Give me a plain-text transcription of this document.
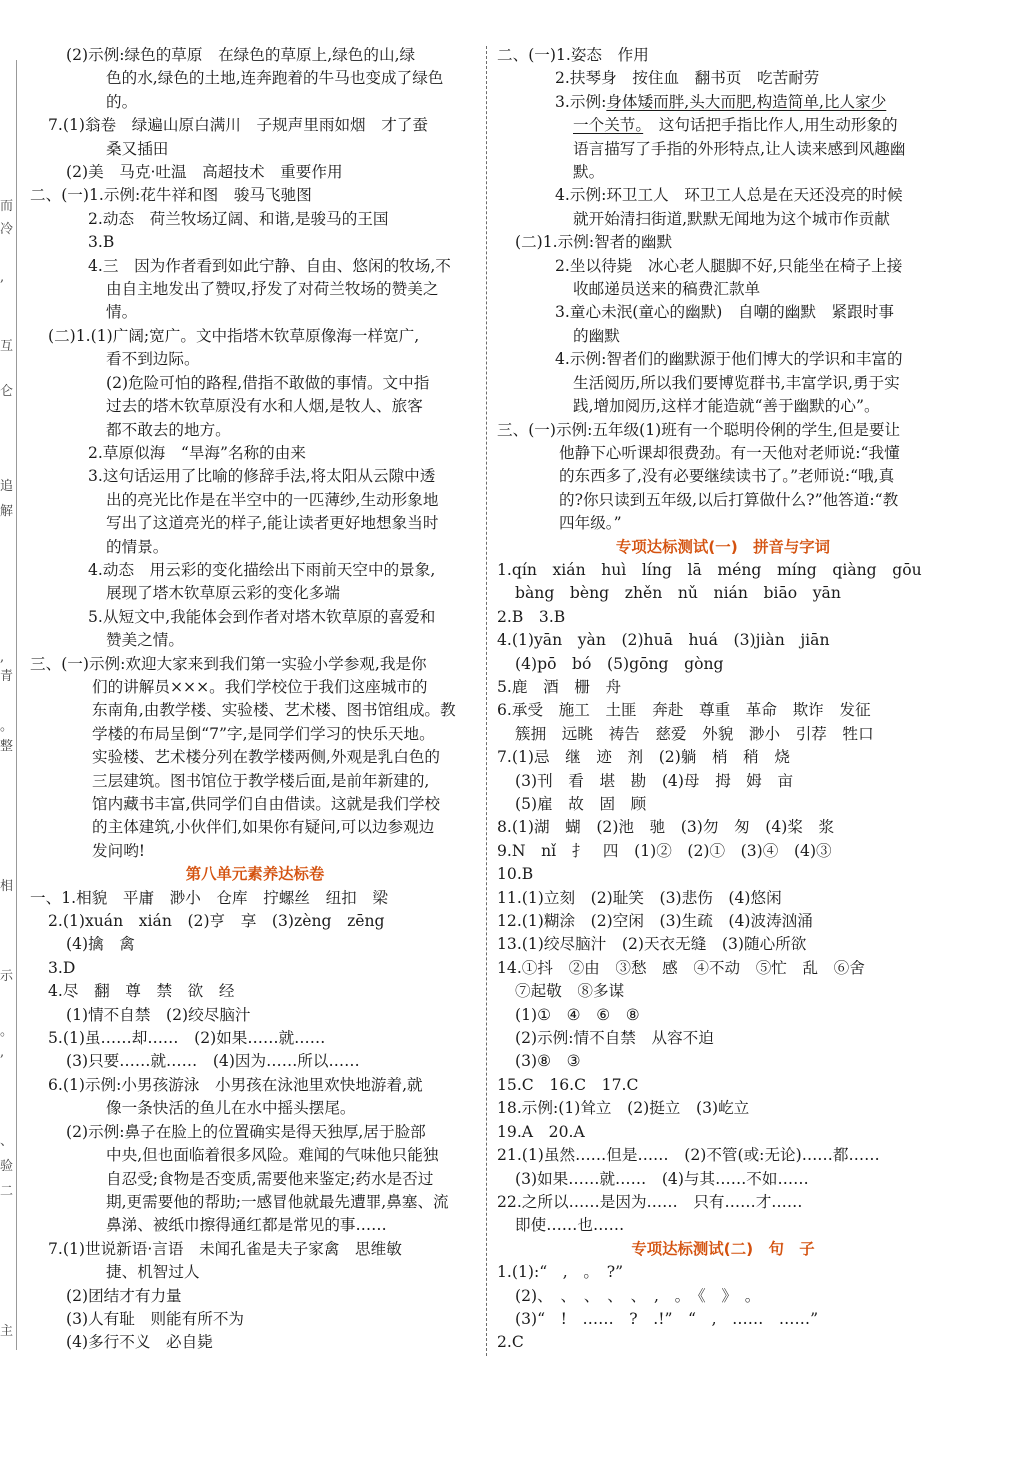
而
冷
,
互
仑
追
解
,
青
。
整
相
示
。
,
、
验
二
主
(2)示例:绿色的草原　在绿色的草原上,绿色的山,绿
色的水,绿色的土地,连奔跑着的牛马也变成了绿色
的。
7.(1)翁卷　绿遍山原白满川　子规声里雨如烟　才了蚕
桑又插田
(2)美　马克·吐温　高超技术　重要作用
二、(一)1.示例:花牛祥和图　骏马飞驰图
2.动态　荷兰牧场辽阔、和谐,是骏马的王国
3.B
4.三　因为作者看到如此宁静、自由、悠闲的牧场,不
由自主地发出了赞叹,抒发了对荷兰牧场的赞美之
情。
(二)1.(1)广阔;宽广。文中指塔木钦草原像海一样宽广,
看不到边际。
(2)危险可怕的路程,借指不敢做的事情。文中指
过去的塔木钦草原没有水和人烟,是牧人、旅客
都不敢去的地方。
2.草原似海　“旱海”名称的由来
3.这句话运用了比喻的修辞手法,将太阳从云隙中透
出的亮光比作是在半空中的一匹薄纱,生动形象地
写出了这道亮光的样子,能让读者更好地想象当时
的情景。
4.动态　用云彩的变化描绘出下雨前天空中的景象,
展现了塔木钦草原云彩的变化多端
5.从短文中,我能体会到作者对塔木钦草原的喜爱和
赞美之情。
三、(一)示例:欢迎大家来到我们第一实验小学参观,我是你
们的讲解员×××。我们学校位于我们这座城市的
东南角,由教学楼、实验楼、艺术楼、图书馆组成。教
学楼的布局呈倒“7”字,是同学们学习的快乐天地。
实验楼、艺术楼分列在教学楼两侧,外观是乳白色的
三层建筑。图书馆位于教学楼后面,是前年新建的,
馆内藏书丰富,供同学们自由借读。这就是我们学校
的主体建筑,小伙伴们,如果你有疑问,可以边参观边
发问哟!
第八单元素养达标卷
一、1.相貌　平庸　渺小　仓库　拧螺丝　纽扣　梁
2.(1)xuán　xián　(2)亨　享　(3)zèng　zēng
(4)擒　禽
3.D
4.尽　翻　尊　禁　欲　经
(1)情不自禁　(2)绞尽脑汁
5.(1)虽……却……　(2)如果……就……
(3)只要……就……　(4)因为……所以……
6.(1)示例:小男孩游泳　小男孩在泳池里欢快地游着,就
像一条快活的鱼儿在水中摇头摆尾。
(2)示例:鼻子在脸上的位置确实是得天独厚,居于脸部
中央,但也面临着很多风险。难闻的气味他只能独
自忍受;食物是否变质,需要他来鉴定;药水是否过
期,更需要他的帮助;一感冒他就最先遭罪,鼻塞、流
鼻涕、被纸巾擦得通红都是常见的事……
7.(1)世说新语·言语　未闻孔雀是夫子家禽　思维敏
捷、机智过人
(2)团结才有力量
(3)人有耻　则能有所不为
(4)多行不义　必自毙
二、(一)1.姿态　作用
2.扶琴身　按住血　翻书页　吃苦耐劳
3.示例:身体矮而胖,头大而肥,构造简单,比人家少
一个关节。　这句话把手指比作人,用生动形象的
语言描写了手指的外形特点,让人读来感到风趣幽
默。
4.示例:环卫工人　环卫工人总是在天还没亮的时候
就开始清扫街道,默默无闻地为这个城市作贡献
(二)1.示例:智者的幽默
2.坐以待毙　冰心老人腿脚不好,只能坐在椅子上接
收邮递员送来的稿费汇款单
3.童心未泯(童心的幽默)　自嘲的幽默　紧跟时事
的幽默
4.示例:智者们的幽默源于他们博大的学识和丰富的
生活阅历,所以我们要博览群书,丰富学识,勇于实
践,增加阅历,这样才能造就“善于幽默的心”。
三、(一)示例:五年级(1)班有一个聪明伶俐的学生,但是要让
他静下心听课却很费劲。有一天他对老师说:“我懂
的东西多了,没有必要继续读书了。”老师说:“哦,真
的?你只读到五年级,以后打算做什么?”他答道:“教
四年级。”
专项达标测试(一)　拼音与字词
1.qín　xián　huì　líng　lā　méng　míng　qiàng　gōu
bàng　bèng　zhěn　nǔ　nián　biāo　yān
2.B　3.B
4.(1)yān　yàn　(2)huā　huá　(3)jiàn　jiān
(4)pō　bó　(5)gōng　gòng
5.鹿　酒　栅　舟
6.承受　施工　土匪　奔赴　尊重　革命　欺诈　发征
簇拥　远眺　祷告　慈爱　外貌　渺小　引荐　牲口
7.(1)忌　继　迹　剂　(2)躺　梢　稍　烧
(3)刊　看　堪　勘　(4)母　拇　姆　亩
(5)雇　故　固　顾
8.(1)湖　蝴　(2)池　驰　(3)勿　匆　(4)桨　浆
9.N　nǐ　扌　四　(1)②　(2)①　(3)④　(4)③
10.B
11.(1)立刻　(2)耻笑　(3)悲伤　(4)悠闲
12.(1)糊涂　(2)空闲　(3)生疏　(4)波涛汹涌
13.(1)绞尽脑汁　(2)天衣无缝　(3)随心所欲
14.①抖　②由　③愁　感　④不动　⑤忙　乱　⑥舍
⑦起敬　⑧多谋
(1)①　④　⑥　⑧
(2)示例:情不自禁　从容不迫
(3)⑧　③
15.C　16.C　17.C
18.示例:(1)耸立　(2)挺立　(3)屹立
19.A　20.A
21.(1)虽然……但是……　(2)不管(或:无论)……都……
(3)如果……就……　(4)与其……不如……
22.之所以……是因为……　只有……才……
即使……也……
专项达标测试(二)　句　子
1.(1):“　,　。　?”
(2)、　、　、　、　、　,　。　《　》　。
(3)“　!　……　?　.!”　“　,　……　……”
2.C
